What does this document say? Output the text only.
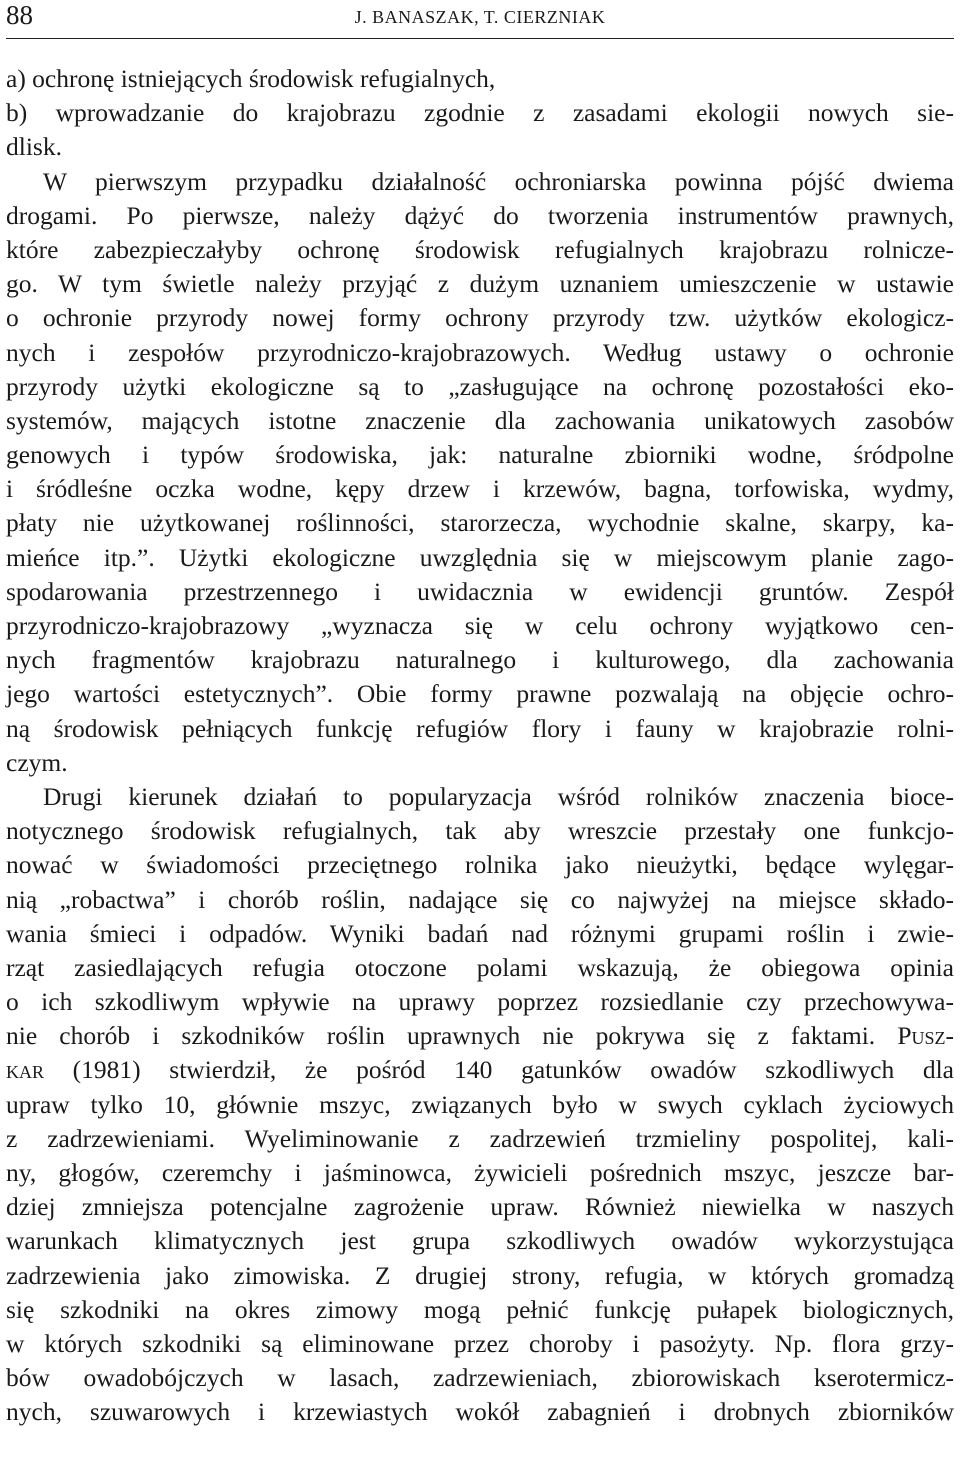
88	J. BANASZAK, T. CIERZNIAK
a) ochronę istniejących środowisk refugialnych,
b) wprowadzanie do krajobrazu zgodnie z zasadami ekologii nowych sie-
dlisk.
W pierwszym przypadku działalność ochroniarska powinna pójść dwiema
drogami. Po pierwsze, należy dążyć do tworzenia instrumentów prawnych,
które zabezpieczałyby ochronę środowisk refugialnych krajobrazu rolnicze-
go. W tym świetle należy przyjąć z dużym uznaniem umieszczenie w ustawie
o ochronie przyrody nowej formy ochrony przyrody tzw. użytków ekologicz-
nych i zespołów przyrodniczo-krajobrazowych. Według ustawy o ochronie
przyrody użytki ekologiczne są to „zasługujące na ochronę pozostałości eko-
systemów, mających istotne znaczenie dla zachowania unikatowych zasobów
genowych i typów środowiska, jak: naturalne zbiorniki wodne, śródpolne
i śródleśne oczka wodne, kępy drzew i krzewów, bagna, torfowiska, wydmy,
płaty nie użytkowanej roślinności, starorzecza, wychodnie skalne, skarpy, ka-
mieńce itp.”. Użytki ekologiczne uwzględnia się w miejscowym planie zago-
spodarowania przestrzennego i uwidacznia w ewidencji gruntów. Zespół
przyrodniczo-krajobrazowy „wyznacza się w celu ochrony wyjątkowo cen-
nych fragmentów krajobrazu naturalnego i kulturowego, dla zachowania
jego wartości estetycznych”. Obie formy prawne pozwalają na objęcie ochro-
ną środowisk pełniących funkcję refugiów flory i fauny w krajobrazie rolni-
czym.
Drugi kierunek działań to popularyzacja wśród rolników znaczenia bioce-
notycznego środowisk refugialnych, tak aby wreszcie przestały one funkcjo-
nować w świadomości przeciętnego rolnika jako nieużytki, będące wylęgar-
nią „robactwa” i chorób roślin, nadające się co najwyżej na miejsce składo-
wania śmieci i odpadów. Wyniki badań nad różnymi grupami roślin i zwie-
rząt zasiedlających refugia otoczone polami wskazują, że obiegowa opinia
o ich szkodliwym wpływie na uprawy poprzez rozsiedlanie czy przechowywa-
nie chorób i szkodników roślin uprawnych nie pokrywa się z faktami. Pusz-
kar (1981) stwierdził, że pośród 140 gatunków owadów szkodliwych dla
upraw tylko 10, głównie mszyc, związanych było w swych cyklach życiowych
z zadrzewieniami. Wyeliminowanie z zadrzewień trzmieliny pospolitej, kali-
ny, głogów, czeremchy i jaśminowca, żywicieli pośrednich mszyc, jeszcze bar-
dziej zmniejsza potencjalne zagrożenie upraw. Również niewielka w naszych
warunkach klimatycznych jest grupa szkodliwych owadów wykorzystująca
zadrzewienia jako zimowiska. Z drugiej strony, refugia, w których gromadzą
się szkodniki na okres zimowy mogą pełnić funkcję pułapek biologicznych,
w których szkodniki są eliminowane przez choroby i pasożyty. Np. flora grzy-
bów owadobójczych w lasach, zadrzewieniach, zbiorowiskach kserotermicz-
nych, szuwarowych i krzewiastych wokół zabagnień i drobnych zbiorników
